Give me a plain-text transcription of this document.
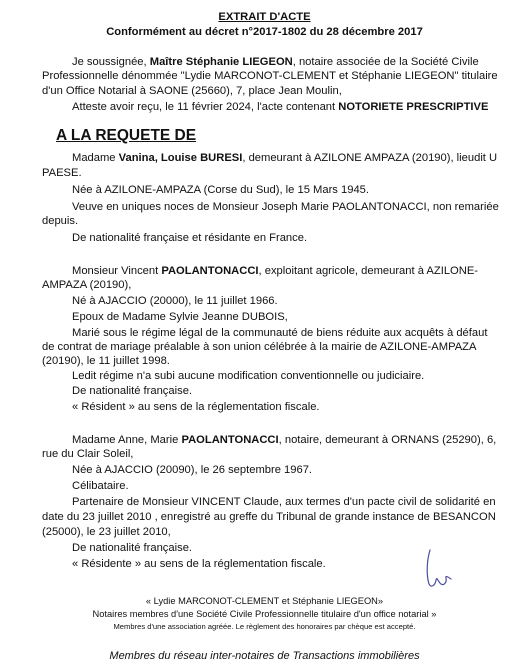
EXTRAIT D'ACTE
Conformément au décret n°2017-1802 du 28 décembre 2017
Je soussignée, Maître Stéphanie LIEGEON, notaire associée de la Société Civile
Professionnelle dénommée "Lydie MARCONOT-CLEMENT et Stéphanie LIEGEON" titulaire
d'un Office Notarial à SAONE (25660), 7, place Jean Moulin,
Atteste avoir reçu, le 11 février 2024, l'acte contenant NOTORIETE PRESCRIPTIVE
A LA REQUETE DE
Madame Vanina, Louise BURESI, demeurant à AZILONE AMPAZA (20190), lieudit U
PAESE.
Née à AZILONE-AMPAZA (Corse du Sud), le 15 Mars 1945.
Veuve en uniques noces de Monsieur Joseph Marie PAOLANTONACCI, non remariée
depuis.
De nationalité française et résidante en France.
Monsieur Vincent PAOLANTONACCI, exploitant agricole, demeurant à AZILONE-
AMPAZA (20190),
Né à AJACCIO (20000), le 11 juillet 1966.
Epoux de Madame Sylvie Jeanne DUBOIS,
Marié sous le régime légal de la communauté de biens réduite aux acquêts à défaut
de contrat de mariage préalable à son union célébrée à la mairie de AZILONE-AMPAZA
(20190), le 11 juillet 1998.
Ledit régime n'a subi aucune modification conventionnelle ou judiciaire.
De nationalité française.
« Résident » au sens de la réglementation fiscale.
Madame Anne, Marie PAOLANTONACCI, notaire, demeurant à ORNANS (25290), 6,
rue du Clair Soleil,
Née à AJACCIO (20090), le 26 septembre 1967.
Célibataire.
Partenaire de Monsieur VINCENT Claude, aux termes d'un pacte civil de solidarité en
date du 23 juillet 2010 , enregistré au greffe du Tribunal de grande instance de BESANCON
(25000), le 23 juillet 2010,
De nationalité française.
« Résidente » au sens de la réglementation fiscale.
« Lydie MARCONOT-CLEMENT et Stéphanie LIEGEON»
Notaires membres d'une Société Civile Professionnelle titulaire d'un office notarial »
Membres d'une association agréée. Le règlement des honoraires par chèque est accepté.
Membres du réseau inter-notaires de Transactions immobilières
